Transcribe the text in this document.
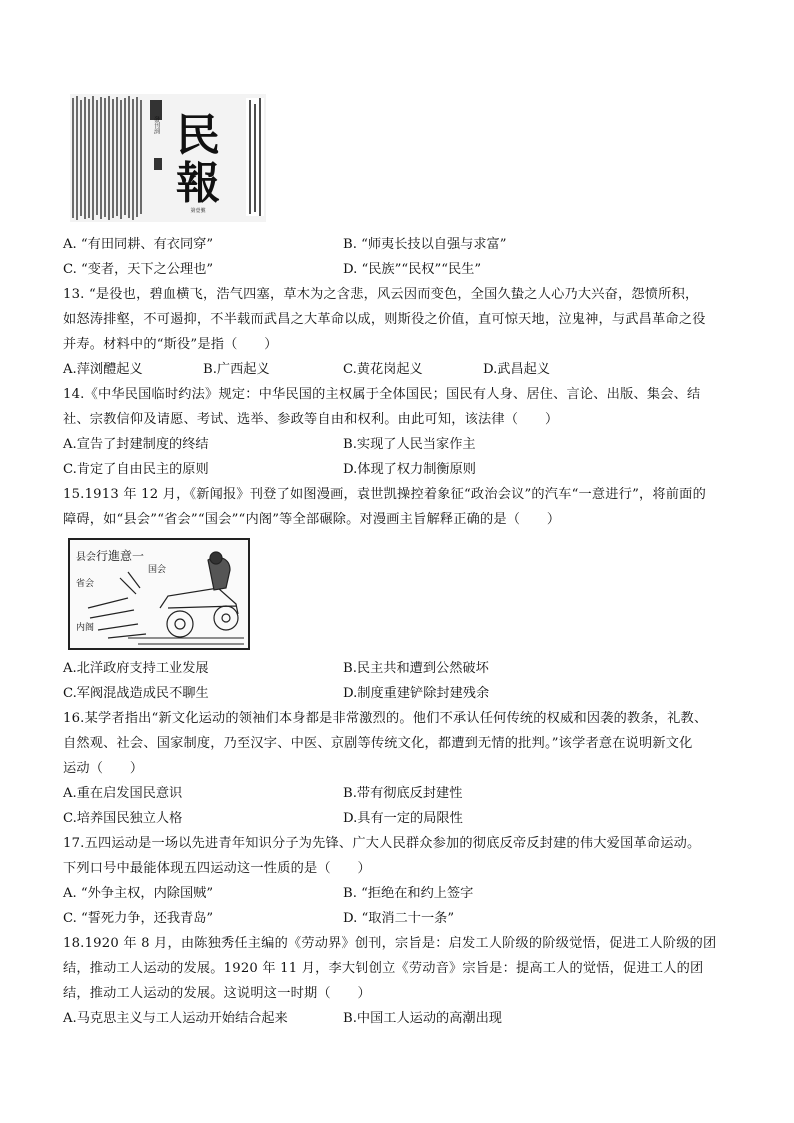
民
報
發刊詞
第壹號
A. “有田同耕、有衣同穿”	B. “师夷长技以自强与求富”
C. “变者，天下之公理也”	D. “民族”“民权”“民生”
13. “是役也，碧血横飞，浩气四塞，草木为之含悲，风云因而变色，全国久蛰之人心乃大兴奋，怨愤所积，
如怒涛排壑，不可遏抑，不半载而武昌之大革命以成，则斯役之价值，直可惊天地，泣鬼神，与武昌革命之役
并寿。材料中的“斯役”是指（　　）
A.萍浏醴起义	B.广西起义	C.黄花岗起义	D.武昌起义
14.《中华民国临时约法》规定：中华民国的主权属于全体国民；国民有人身、居住、言论、出版、集会、结
社、宗教信仰及请愿、考试、选举、参政等自由和权利。由此可知，该法律（　　）
A.宣告了封建制度的终结	B.实现了人民当家作主
C.肯定了自由民主的原则	D.体现了权力制衡原则
15.1913 年 12 月，《新闻报》刊登了如图漫画，袁世凯操控着象征“政治会议”的汽车“一意进行”，将前面的
障碍，如“县会”“省会”“国会”“内阁”等全部碾除。对漫画主旨解释正确的是（　　）
行進意一
县会
省会
国会
内阁
A.北洋政府支持工业发展	B.民主共和遭到公然破坏
C.军阀混战造成民不聊生	D.制度重建铲除封建残余
16.某学者指出“新文化运动的领袖们本身都是非常激烈的。他们不承认任何传统的权威和因袭的教条，礼教、
自然观、社会、国家制度，乃至汉字、中医、京剧等传统文化，都遭到无情的批判。”该学者意在说明新文化
运动（　　）
A.重在启发国民意识	B.带有彻底反封建性
C.培养国民独立人格	D.具有一定的局限性
17.五四运动是一场以先进青年知识分子为先锋、广大人民群众参加的彻底反帝反封建的伟大爱国革命运动。
下列口号中最能体现五四运动这一性质的是（　　）
A. “外争主权，内除国贼”	B. “拒绝在和约上签字
C. “誓死力争，还我青岛”	D. “取消二十一条”
18.1920 年 8 月，由陈独秀任主编的《劳动界》创刊，宗旨是：启发工人阶级的阶级觉悟，促进工人阶级的团
结，推动工人运动的发展。1920 年 11 月，李大钊创立《劳动音》宗旨是：提高工人的觉悟，促进工人的团
结，推动工人运动的发展。这说明这一时期（　　）
A.马克思主义与工人运动开始结合起来	B.中国工人运动的高潮出现
